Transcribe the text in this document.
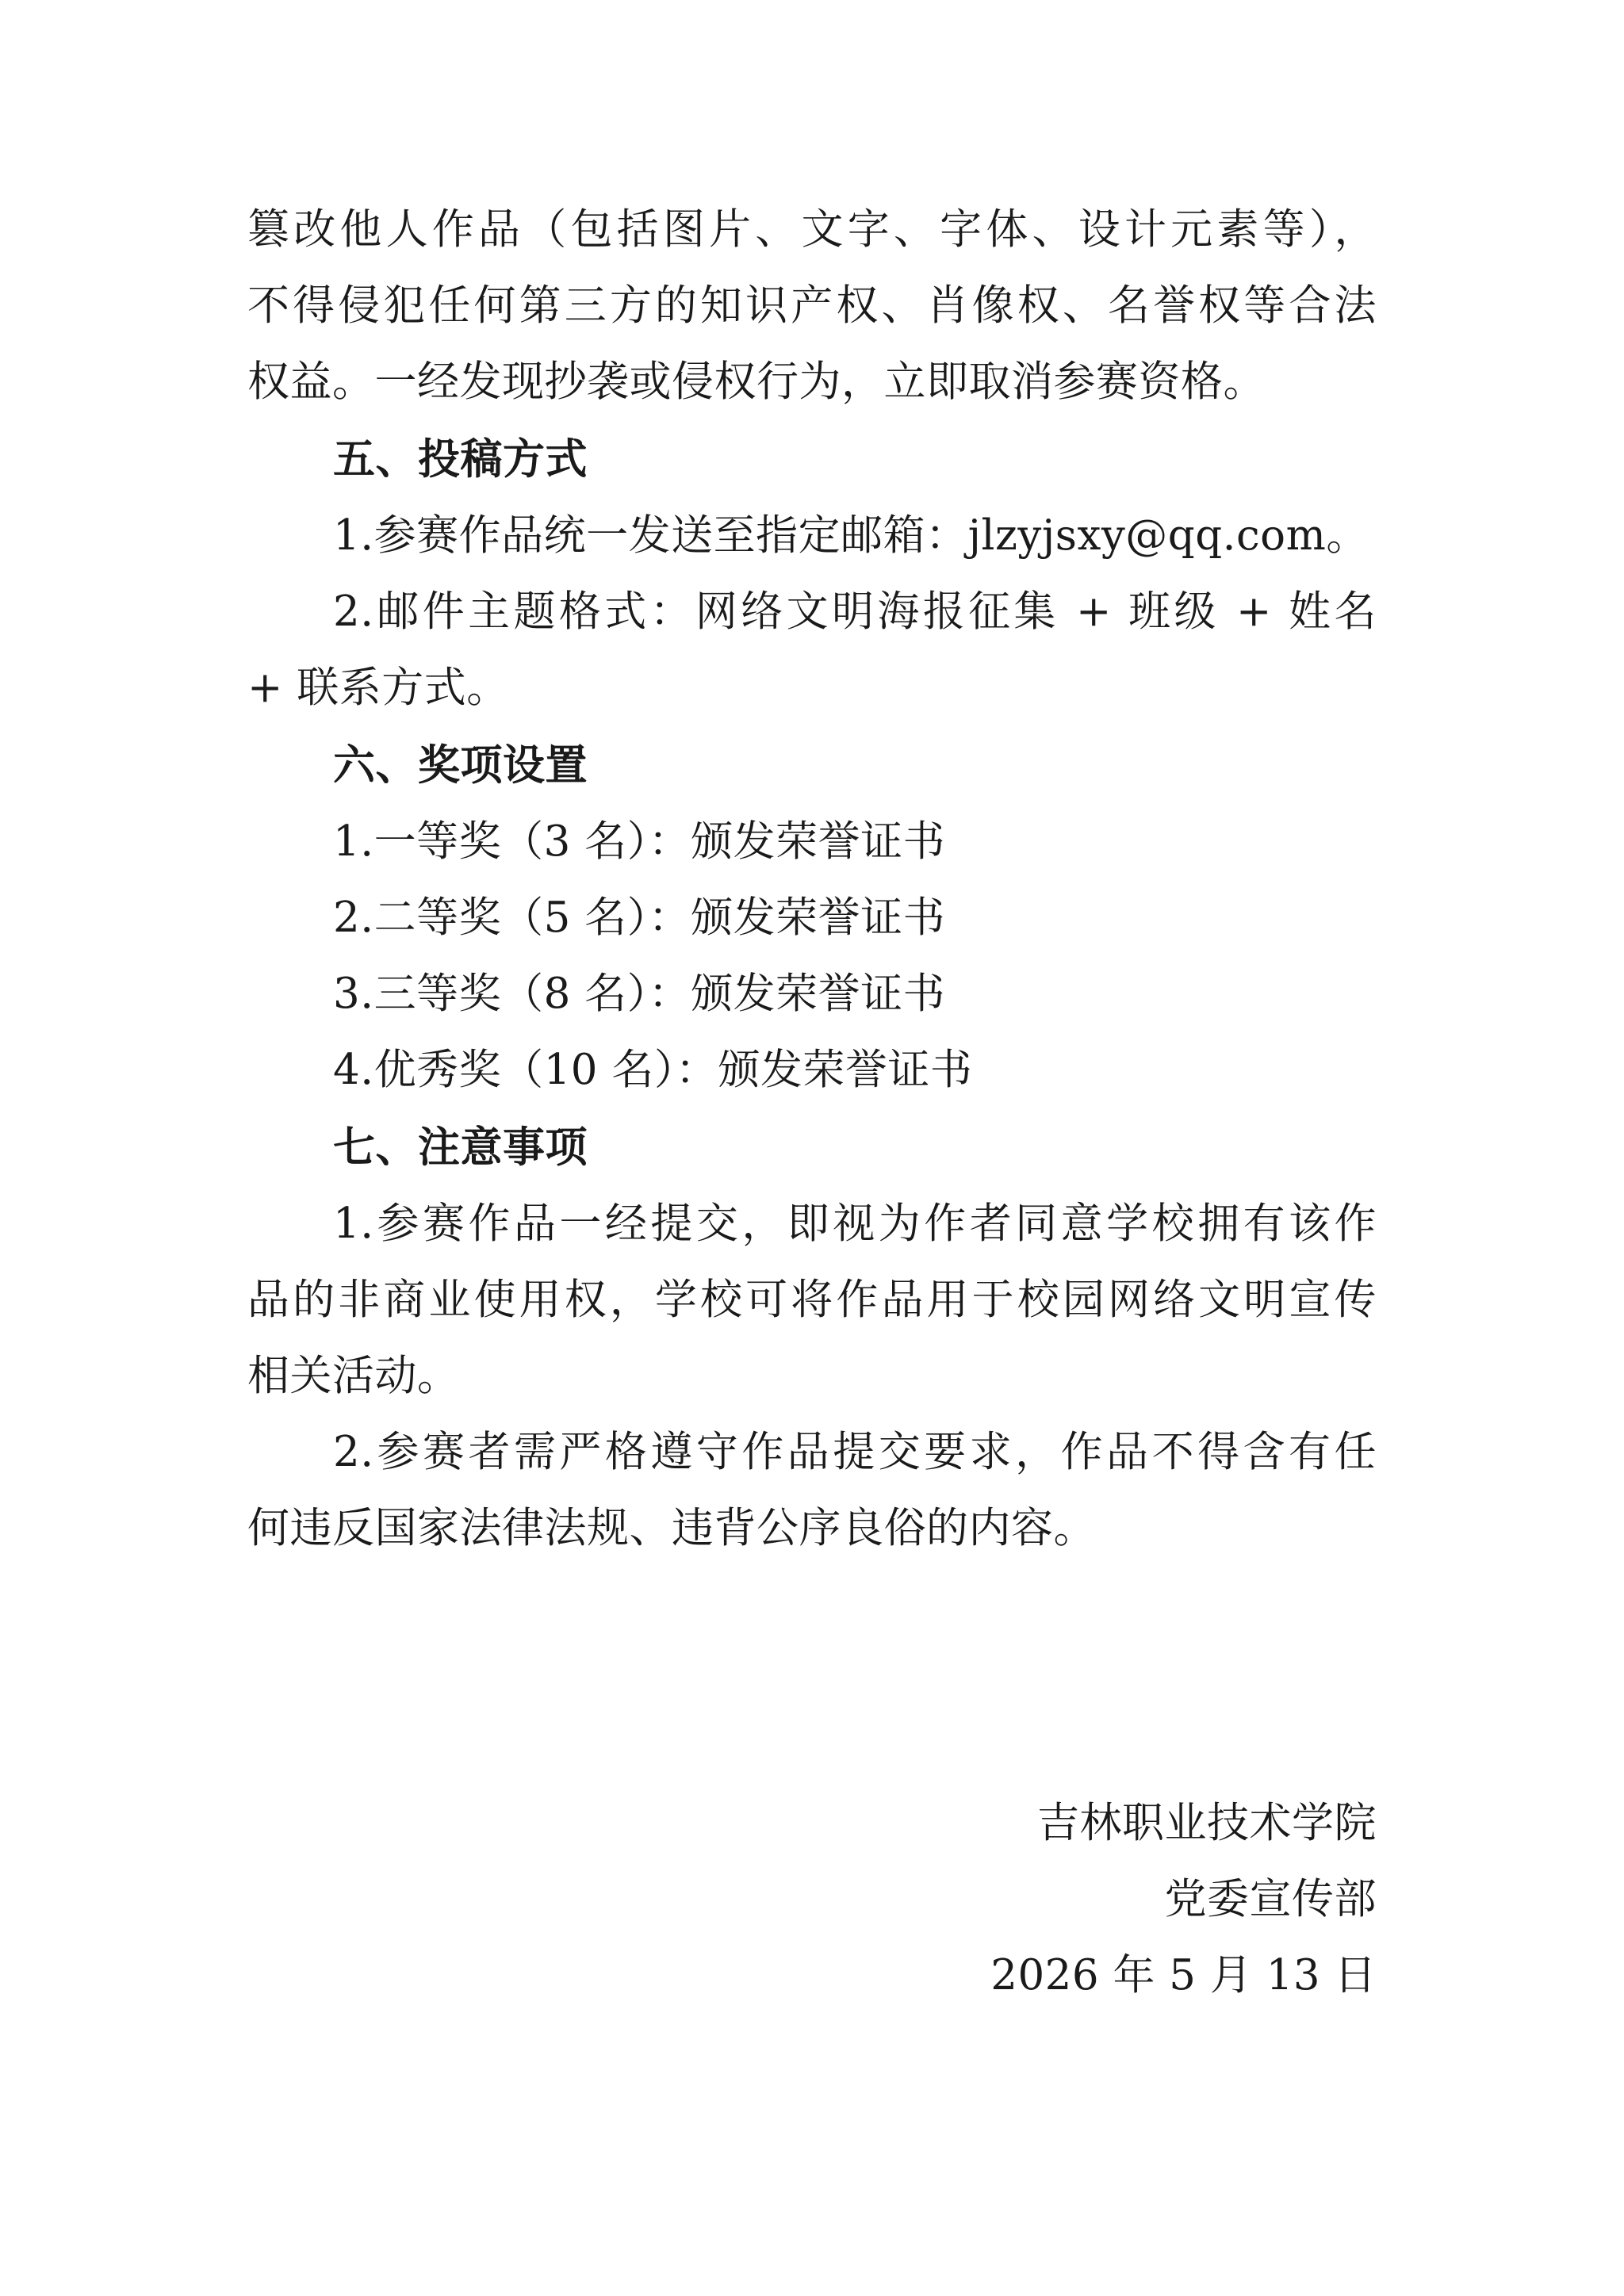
篡改他人作品（包括图片、文字、字体、设计元素等），
不得侵犯任何第三方的知识产权、肖像权、名誉权等合法
权益。一经发现抄袭或侵权行为，立即取消参赛资格。
五、投稿方式
1.参赛作品统一发送至指定邮箱：jlzyjsxy@qq.com。
2.邮件主题格式：网络文明海报征集 + 班级 + 姓名
+ 联系方式。
六、奖项设置
1.一等奖（3 名）：颁发荣誉证书
2.二等奖（5 名）：颁发荣誉证书
3.三等奖（8 名）：颁发荣誉证书
4.优秀奖（10 名）：颁发荣誉证书
七、注意事项
1.参赛作品一经提交，即视为作者同意学校拥有该作
品的非商业使用权，学校可将作品用于校园网络文明宣传
相关活动。
2.参赛者需严格遵守作品提交要求，作品不得含有任
何违反国家法律法规、违背公序良俗的内容。
吉林职业技术学院
党委宣传部
2026 年 5 月 13 日
